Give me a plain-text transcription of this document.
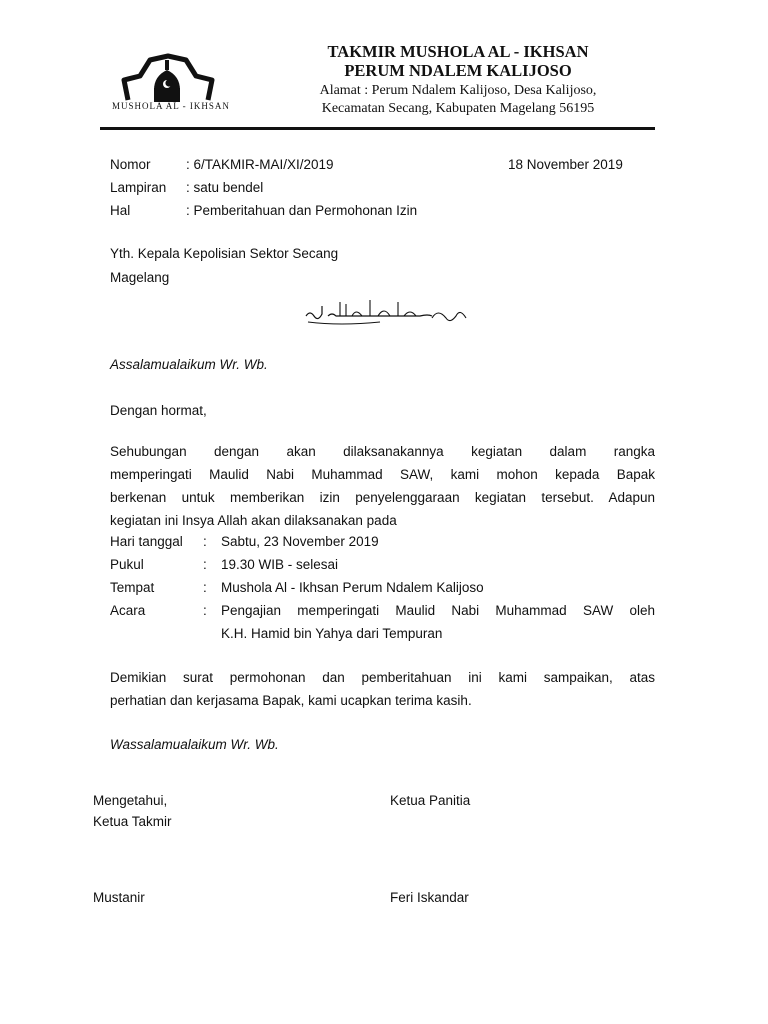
MUSHOLA AL - IKHSAN
TAKMIR MUSHOLA AL - IKHSAN
PERUM NDALEM KALIJOSO
Alamat : Perum Ndalem Kalijoso, Desa Kalijoso,
Kecamatan Secang, Kabupaten Magelang 56195
Nomor	: 6/TAKMIR-MAI/XI/2019	18 November 2019
Lampiran : satu bendel
Hal	: Pemberitahuan dan Permohonan Izin
Yth. Kepala Kepolisian Sektor Secang
Magelang
Assalamualaikum Wr. Wb.
Dengan hormat,
Sehubungan dengan akan dilaksanakannya kegiatan dalam rangka
memperingati Maulid Nabi Muhammad SAW, kami mohon kepada Bapak
berkenan untuk memberikan izin penyelenggaraan kegiatan tersebut. Adapun
kegiatan ini Insya Allah akan dilaksanakan pada
Hari tanggal : Sabtu, 23 November 2019
Pukul	: 19.30 WIB - selesai
Tempat	: Mushola Al - Ikhsan Perum Ndalem Kalijoso
Acara	: Pengajian memperingati Maulid Nabi Muhammad SAW oleh
K.H. Hamid bin Yahya dari Tempuran
Demikian surat permohonan dan pemberitahuan ini kami sampaikan, atas
perhatian dan kerjasama Bapak, kami ucapkan terima kasih.
Wassalamualaikum Wr. Wb.
Mengetahui,
Ketua Takmir
Mustanir
Ketua Panitia
Feri Iskandar
